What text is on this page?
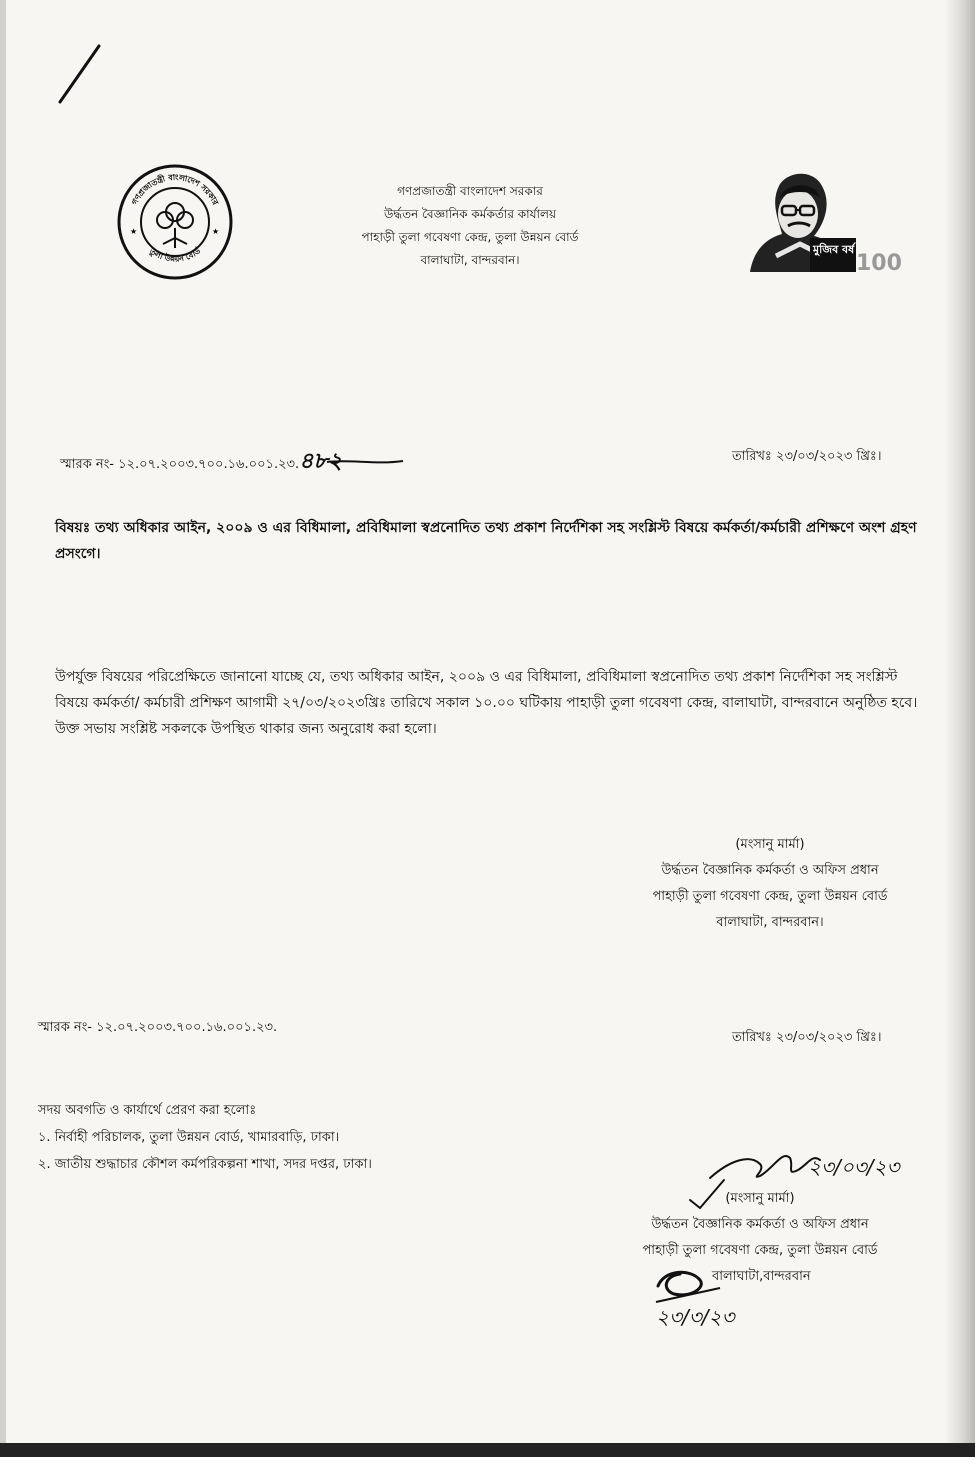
গণপ্রজাতন্ত্রী বাংলাদেশ সরকার
তুলা উন্নয়ন বোর্ড
★	★
গণপ্রজাতন্ত্রী বাংলাদেশ সরকার
উর্দ্ধতন বৈজ্ঞানিক কর্মকর্তার কার্যালয়
পাহাড়ী তুলা গবেষণা কেন্দ্র, তুলা উন্নয়ন বোর্ড
বালাঘাটা, বান্দরবান।
মুজিব বর্ষ
100
স্মারক নং- ১২.০৭.২০০৩.৭০০.১৬.০০১.২৩.৪৮২	তারিখঃ ২৩/০৩/২০২৩ খ্রিঃ।
বিষয়ঃ তথ্য অধিকার আইন, ২০০৯ ও এর বিধিমালা, প্রবিধিমালা স্বপ্রনোদিত তথ্য প্রকাশ নির্দেশিকা সহ সংশ্লিস্ট বিষয়ে কর্মকর্তা/কর্মচারী প্রশিক্ষণে অংশ গ্রহণ প্রসংগে।
উপর্যুক্ত বিষয়ের পরিপ্রেক্ষিতে জানানো যাচ্ছে যে, তথ্য অধিকার আইন, ২০০৯ ও এর বিধিমালা, প্রবিধিমালা স্বপ্রনোদিত তথ্য প্রকাশ নির্দেশিকা সহ সংশ্লিস্ট বিষয়ে কর্মকর্তা/ কর্মচারী প্রশিক্ষণ আগামী ২৭/০৩/২০২৩খ্রিঃ তারিখে সকাল ১০.০০ ঘটিকায় পাহাড়ী তুলা গবেষণা কেন্দ্র, বালাঘাটা, বান্দরবানে অনুষ্ঠিত হবে। উক্ত সভায় সংশ্লিষ্ট সকলকে উপস্থিত থাকার জন্য অনুরোধ করা হলো।
(মংসানু মার্মা)
উর্দ্ধতন বৈজ্ঞানিক কর্মকর্তা ও অফিস প্রধান
পাহাড়ী তুলা গবেষণা কেন্দ্র, তুলা উন্নয়ন বোর্ড
বালাঘাটা, বান্দরবান।
স্মারক নং- ১২.০৭.২০০৩.৭০০.১৬.০০১.২৩.
তারিখঃ ২৩/০৩/২০২৩ খ্রিঃ।
সদয় অবগতি ও কার্যার্থে প্রেরণ করা হলোঃ
১. নির্বাহী পরিচালক, তুলা উন্নয়ন বোর্ড, খামারবাড়ি, ঢাকা।
২. জাতীয় শুদ্ধাচার কৌশল কর্মপরিকল্পনা শাখা, সদর দপ্তর, ঢাকা।	২৩/০৩/২৩
(মংসানু মার্মা)
উর্দ্ধতন বৈজ্ঞানিক কর্মকর্তা ও অফিস প্রধান
পাহাড়ী তুলা গবেষণা কেন্দ্র, তুলা উন্নয়ন বোর্ড
বালাঘাটা,বান্দরবান
২৩/৩/২৩
